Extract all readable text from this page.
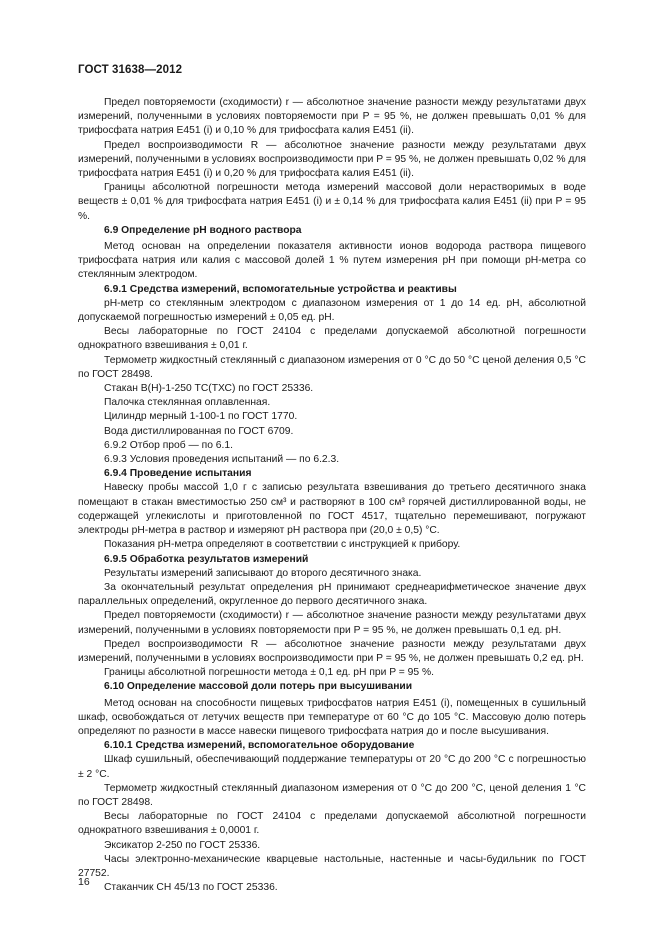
ГОСТ 31638—2012

Предел повторяемости (сходимости) r — абсолютное значение разности между результатами двух измерений, полученными в условиях повторяемости при P = 95 %, не должен превышать 0,01 % для трифосфата натрия Е451 (i) и 0,10 % для трифосфата калия Е451 (ii).

Предел воспроизводимости R — абсолютное значение разности между результатами двух измерений, полученными в условиях воспроизводимости при P = 95 %, не должен превышать 0,02 % для трифосфата натрия Е451 (i) и 0,20 % для трифосфата калия Е451 (ii).

Границы абсолютной погрешности метода измерений массовой доли нерастворимых в воде веществ ± 0,01 % для трифосфата натрия Е451 (i) и ± 0,14 % для трифосфата калия Е451 (ii) при P = 95 %.

6.9 Определение pH водного раствора

Метод основан на определении показателя активности ионов водорода раствора пищевого трифосфата натрия или калия с массовой долей 1 % путем измерения pH при помощи pH-метра со стеклянным электродом.

6.9.1 Средства измерений, вспомогательные устройства и реактивы

pH-метр со стеклянным электродом с диапазоном измерения от 1 до 14 ед. pH, абсолютной допускаемой погрешностью измерений ± 0,05 ед. pH.

Весы лабораторные по ГОСТ 24104 с пределами допускаемой абсолютной погрешности однократного взвешивания ± 0,01 г.

Термометр жидкостный стеклянный с диапазоном измерения от 0 °C до 50 °C ценой деления 0,5 °C по ГОСТ 28498.

Стакан В(Н)-1-250 ТС(ТХС) по ГОСТ 25336.

Палочка стеклянная оплавленная.

Цилиндр мерный 1-100-1 по ГОСТ 1770.

Вода дистиллированная по ГОСТ 6709.

6.9.2 Отбор проб — по 6.1.

6.9.3 Условия проведения испытаний — по 6.2.3.

6.9.4 Проведение испытания

Навеску пробы массой 1,0 г с записью результата взвешивания до третьего десятичного знака помещают в стакан вместимостью 250 см³ и растворяют в 100 см³ горячей дистиллированной воды, не содержащей углекислоты и приготовленной по ГОСТ 4517, тщательно перемешивают, погружают электроды pH-метра в раствор и измеряют pH раствора при (20,0 ± 0,5) °C.

Показания pH-метра определяют в соответствии с инструкцией к прибору.

6.9.5 Обработка результатов измерений

Результаты измерений записывают до второго десятичного знака.

За окончательный результат определения pH принимают среднеарифметическое значение двух параллельных определений, округленное до первого десятичного знака.

Предел повторяемости (сходимости) r — абсолютное значение разности между результатами двух измерений, полученными в условиях повторяемости при P = 95 %, не должен превышать 0,1 ед. pH.

Предел воспроизводимости R — абсолютное значение разности между результатами двух измерений, полученными в условиях воспроизводимости при P = 95 %, не должен превышать 0,2 ед. pH.

Границы абсолютной погрешности метода ± 0,1 ед. pH при P = 95 %.

6.10 Определение массовой доли потерь при высушивании

Метод основан на способности пищевых трифосфатов натрия Е451 (i), помещенных в сушильный шкаф, освобождаться от летучих веществ при температуре от 60 °C до 105 °C. Массовую долю потерь определяют по разности в массе навески пищевого трифосфата натрия до и после высушивания.

6.10.1 Средства измерений, вспомогательное оборудование

Шкаф сушильный, обеспечивающий поддержание температуры от 20 °C до 200 °C с погрешностью ± 2 °C.

Термометр жидкостный стеклянный диапазоном измерения от 0 °C до 200 °C, ценой деления 1 °C по ГОСТ 28498.

Весы лабораторные по ГОСТ 24104 с пределами допускаемой абсолютной погрешности однократного взвешивания ± 0,0001 г.

Эксикатор 2-250 по ГОСТ 25336.

Часы электронно-механические кварцевые настольные, настенные и часы-будильник по ГОСТ 27752.

Стаканчик СН 45/13 по ГОСТ 25336.

16
